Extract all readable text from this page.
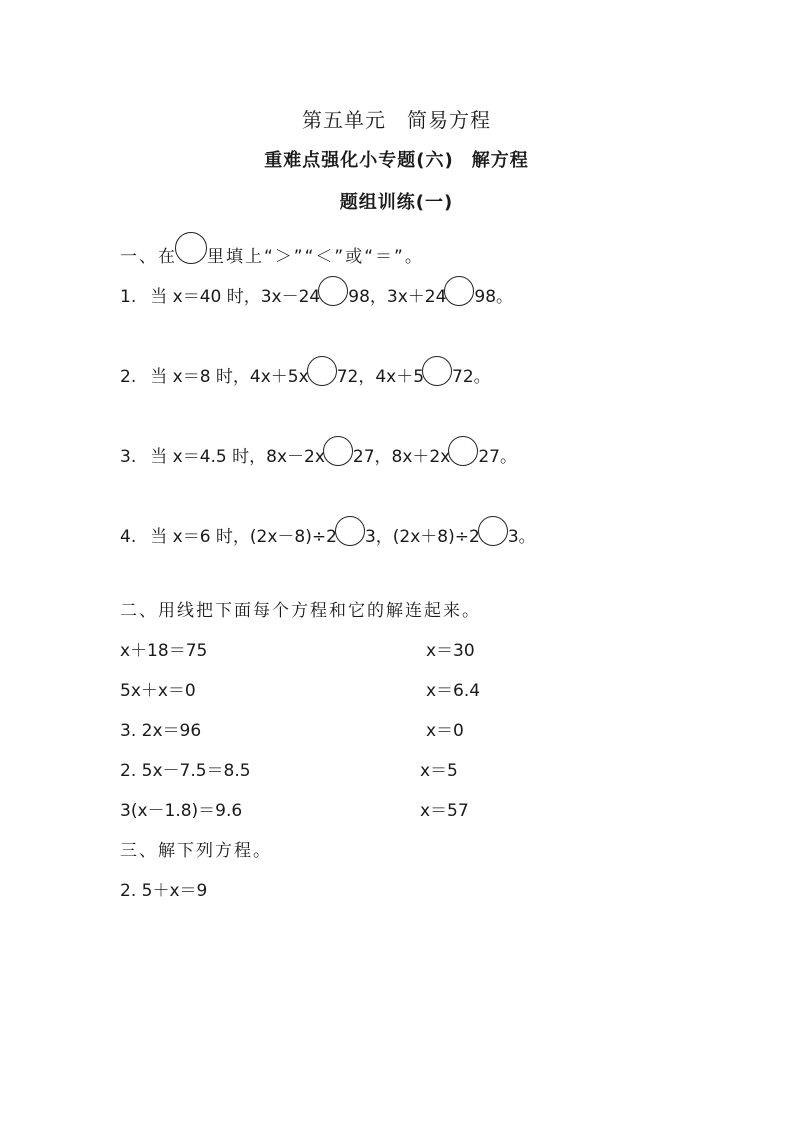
第五单元　简易方程
重难点强化小专题(六) 解方程
题组训练(一)
一、在 里填上“＞”“＜”或“＝”。
1. 当 x＝40 时，3x－24 98，3x＋24 98。
2. 当 x＝8 时，4x＋5x 72，4x＋5 72。
3. 当 x＝4.5 时，8x－2x 27，8x＋2x 27。
4. 当 x＝6 时，(2x－8)÷2 3，(2x＋8)÷2 3。
二、用线把下面每个方程和它的解连起来。
x＋18＝75
5x＋x＝0
3. 2x＝96
2. 5x－7.5＝8.5
3(x－1.8)＝9.6
x＝30
x＝6.4
x＝0
x＝5
x＝57
三、解下列方程。
2. 5＋x＝9
